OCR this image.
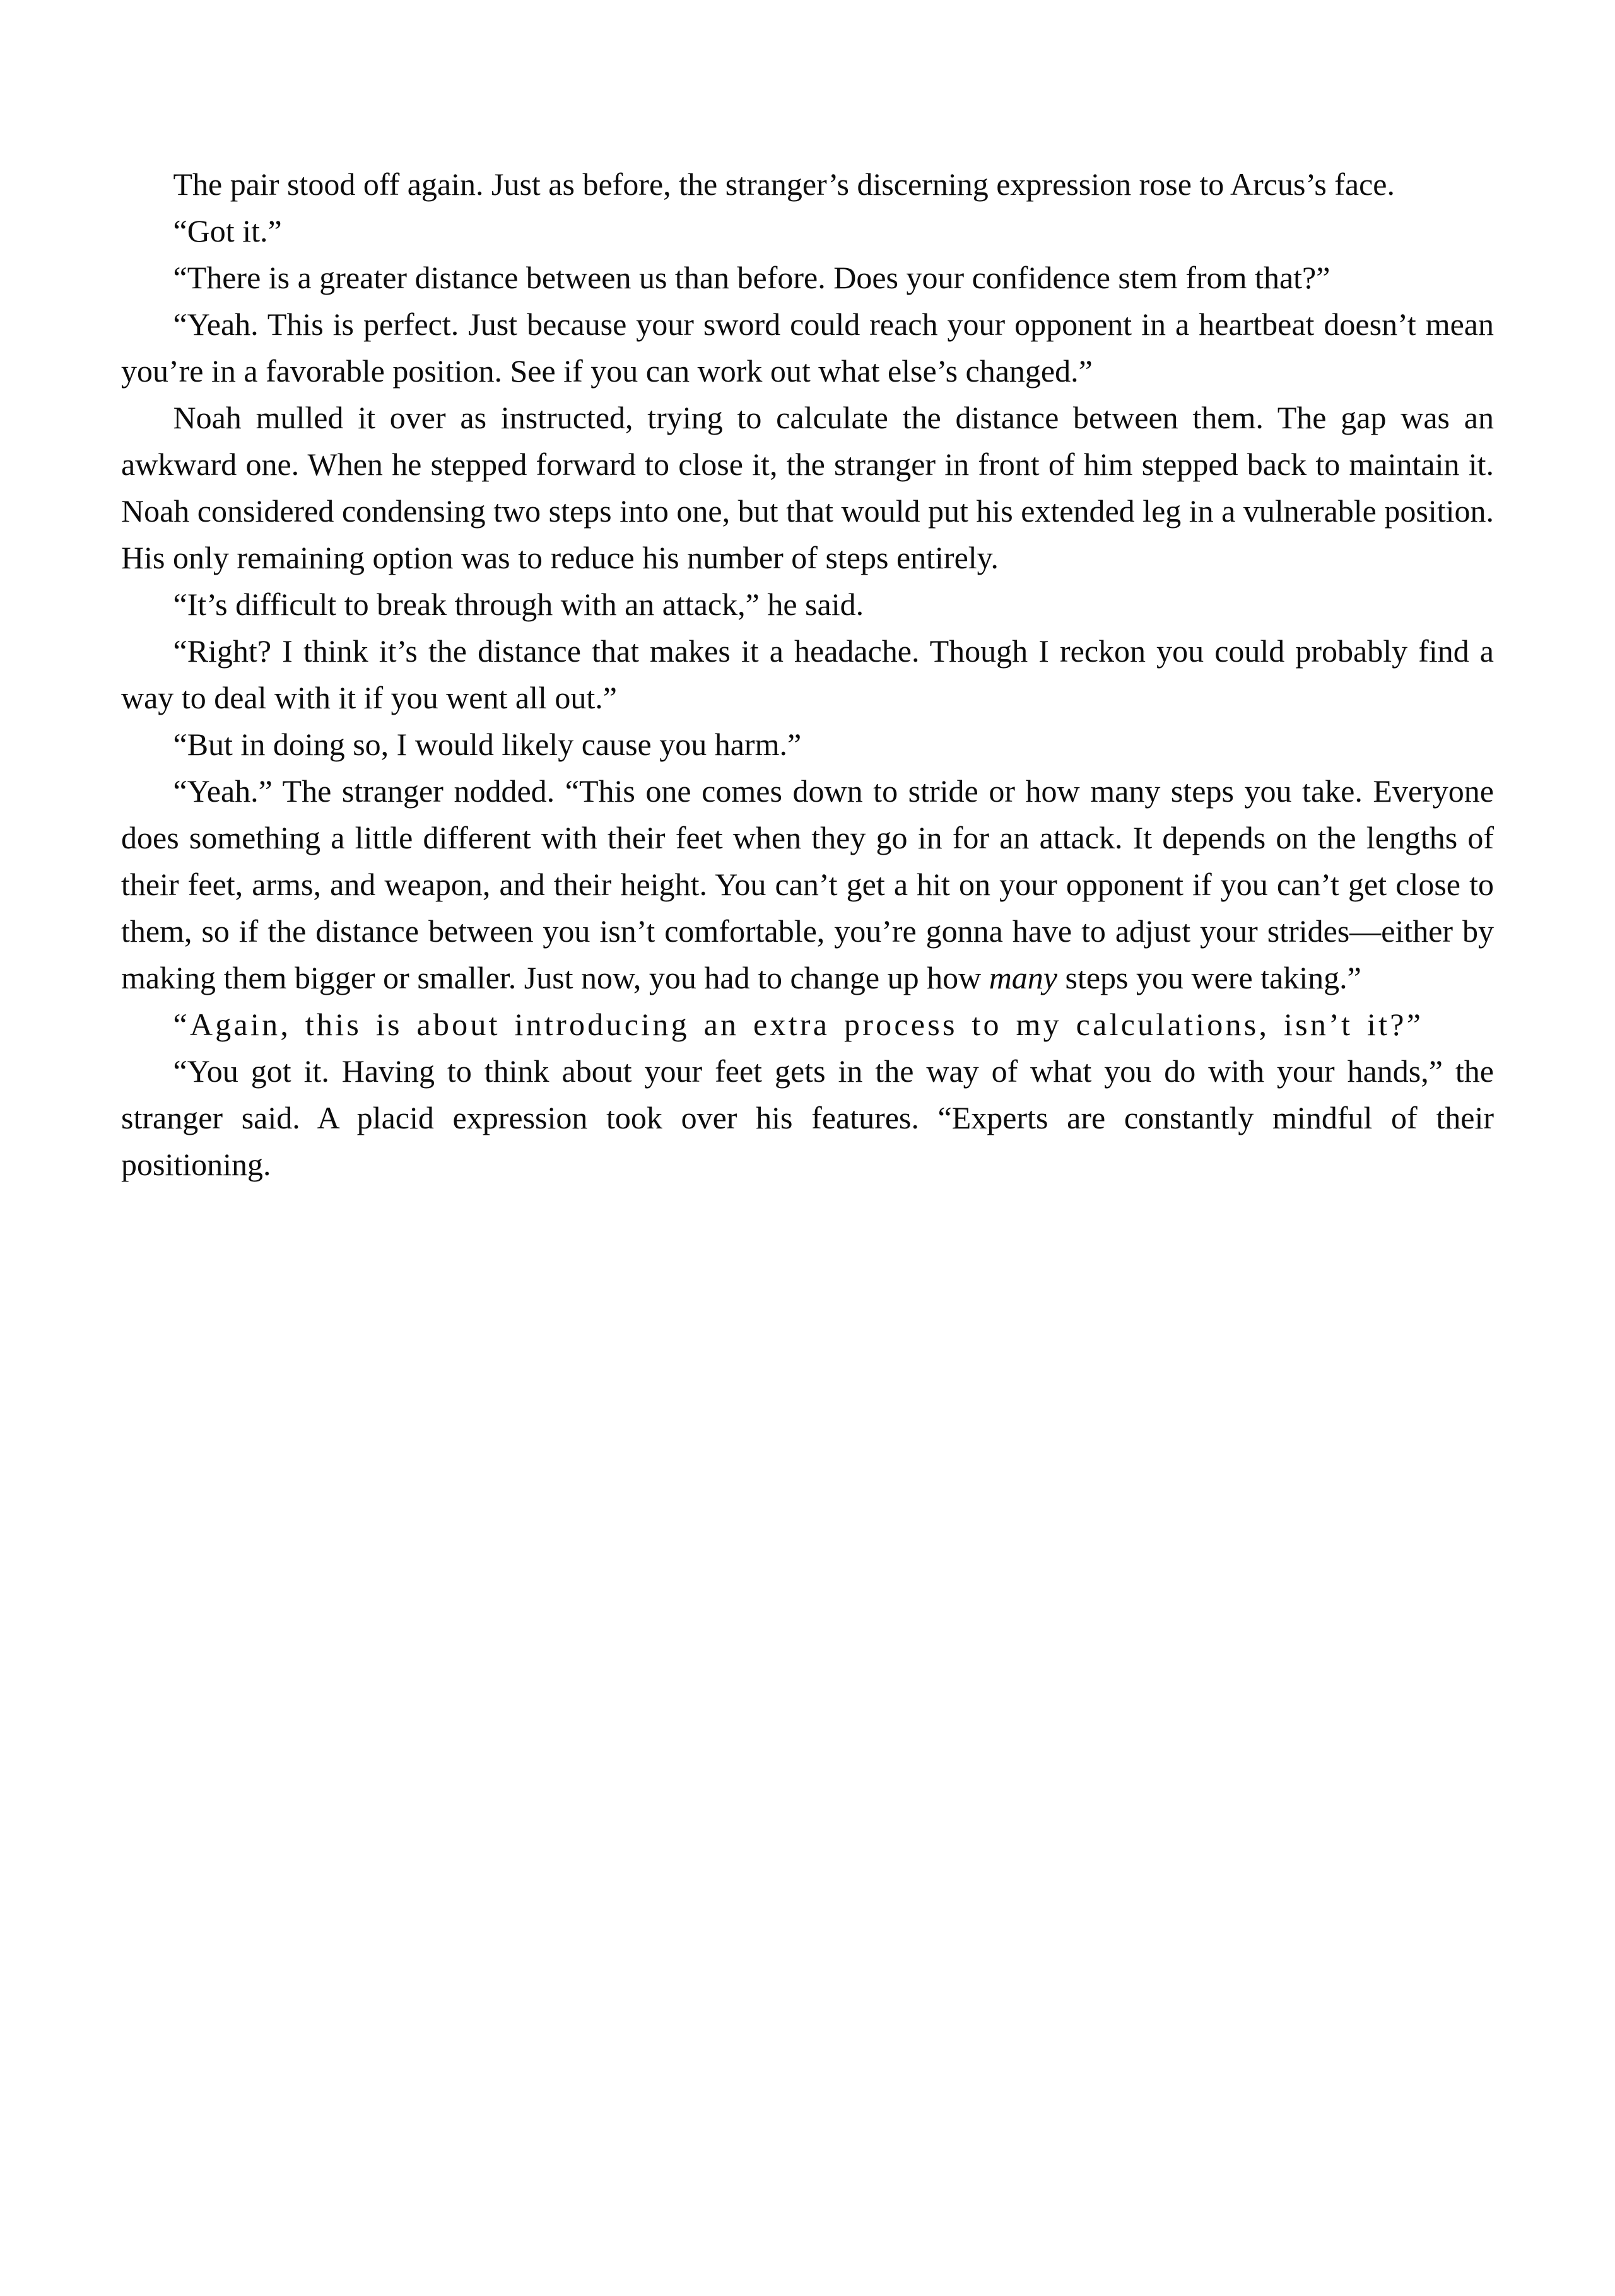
The pair stood off again. Just as before, the stranger’s discerning expression rose to Arcus’s face.

“Got it.”

“There is a greater distance between us than before. Does your confidence stem from that?”

“Yeah. This is perfect. Just because your sword could reach your opponent in a heartbeat doesn’t mean you’re in a favorable position. See if you can work out what else’s changed.”

Noah mulled it over as instructed, trying to calculate the distance between them. The gap was an awkward one. When he stepped forward to close it, the stranger in front of him stepped back to maintain it. Noah considered condensing two steps into one, but that would put his extended leg in a vulnerable position. His only remaining option was to reduce his number of steps entirely.

“It’s difficult to break through with an attack,” he said.

“Right? I think it’s the distance that makes it a headache. Though I reckon you could probably find a way to deal with it if you went all out.”

“But in doing so, I would likely cause you harm.”

“Yeah.” The stranger nodded. “This one comes down to stride or how many steps you take. Everyone does something a little different with their feet when they go in for an attack. It depends on the lengths of their feet, arms, and weapon, and their height. You can’t get a hit on your opponent if you can’t get close to them, so if the distance between you isn’t comfortable, you’re gonna have to adjust your strides—either by making them bigger or smaller. Just now, you had to change up how many steps you were taking.”

“Again, this is about introducing an extra process to my calculations, isn’t it?”

“You got it. Having to think about your feet gets in the way of what you do with your hands,” the stranger said. A placid expression took over his features. “Experts are constantly mindful of their positioning.
